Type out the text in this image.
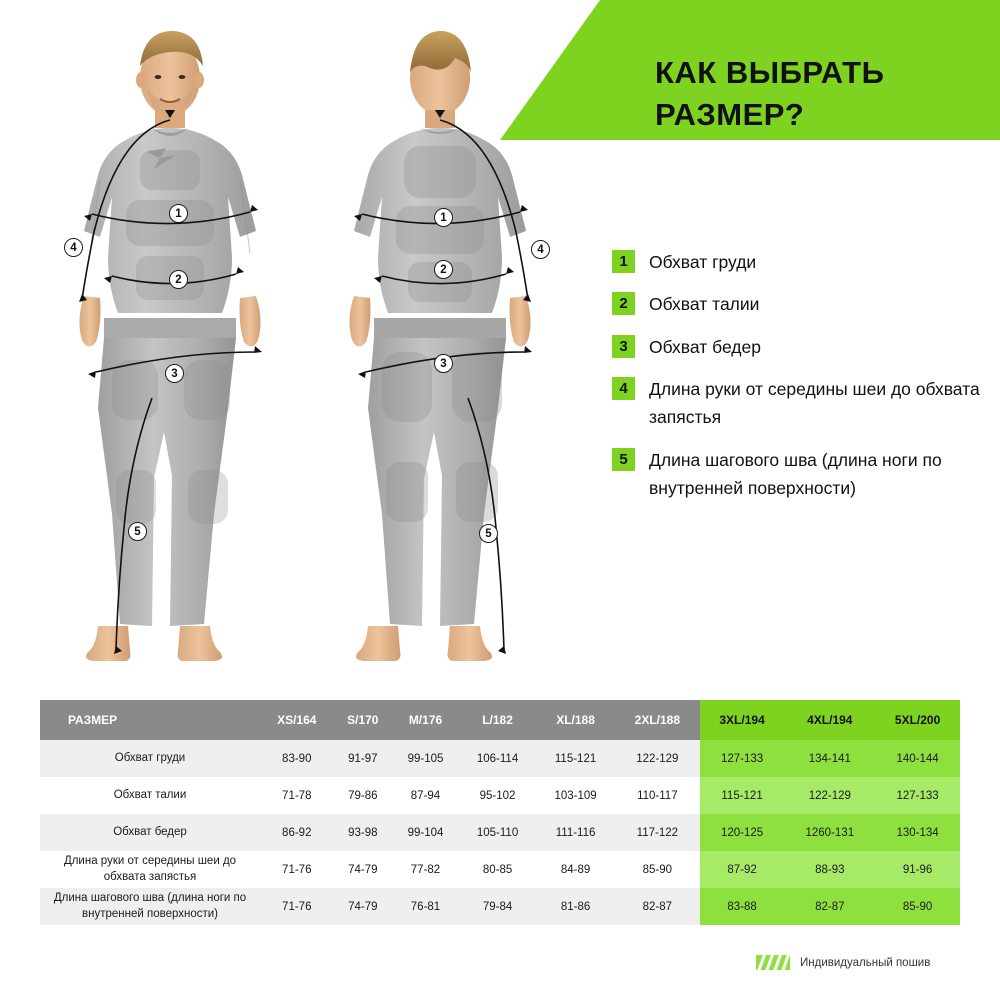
КАК ВЫБРАТЬ
РАЗМЕР?
1
2
3
4
5
1
2
3
4
5
1	Обхват груди
2	Обхват талии
3	Обхват бедер
4	Длина руки от середины шеи до обхвата запястья
5	Длина шагового шва (длина ноги по внутренней поверхности)
РАЗМЕР	XS/164	S/170	M/176	L/182	XL/188	2XL/188	3XL/194	4XL/194	5XL/200
Обхват груди	83-90	91-97	99-105	106-114	115-121	122-129	127-133	134-141	140-144
Обхват талии	71-78	79-86	87-94	95-102	103-109	110-117	115-121	122-129	127-133
Обхват бедер	86-92	93-98	99-104	105-110	111-116	117-122	120-125	1260-131	130-134
Длина руки от середины шеи до обхвата запястья	71-76	74-79	77-82	80-85	84-89	85-90	87-92	88-93	91-96
Длина шагового шва (длина ноги по внутренней поверхности)	71-76	74-79	76-81	79-84	81-86	82-87	83-88	82-87	85-90
Индивидуальный пошив
